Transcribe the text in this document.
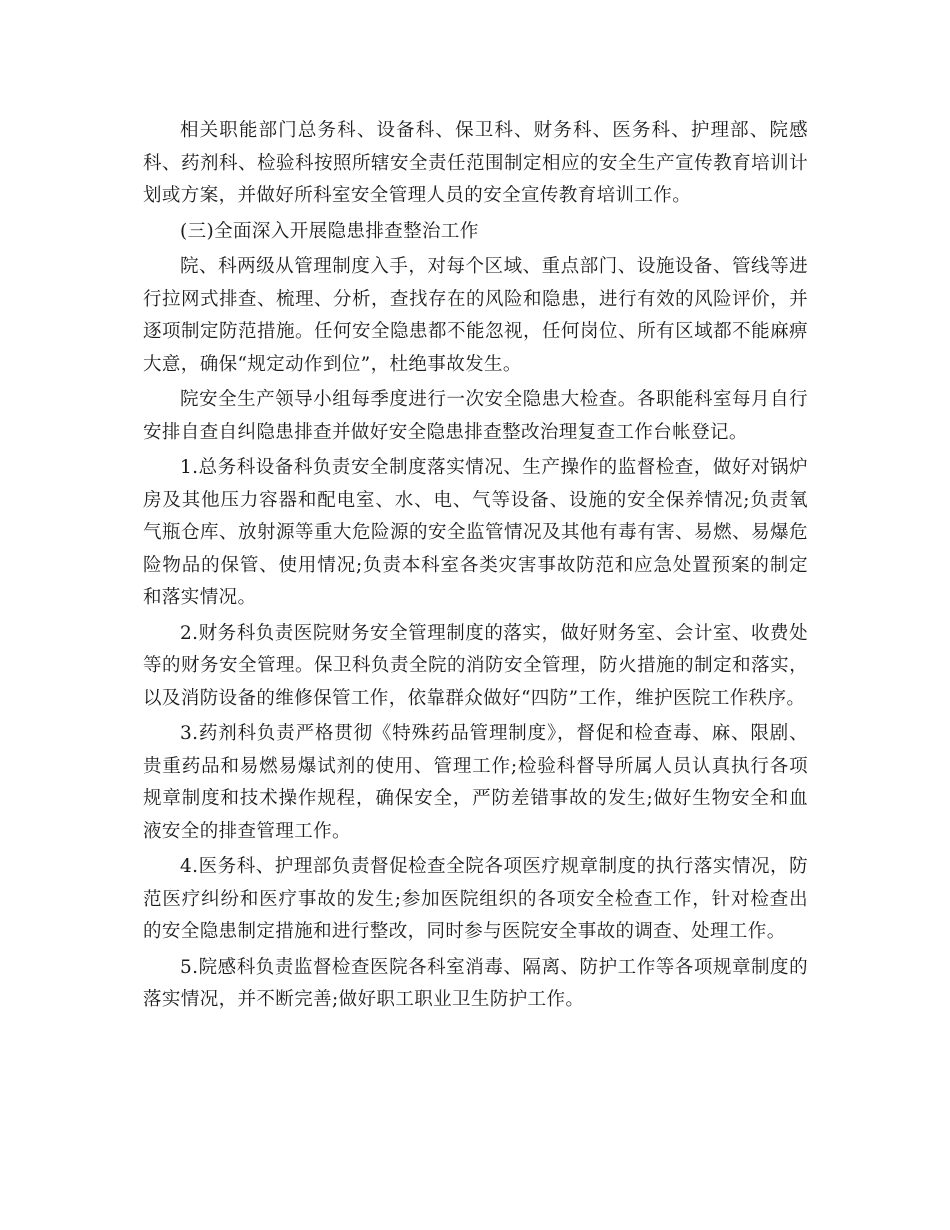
相关职能部门总务科、设备科、保卫科、财务科、医务科、护理部、院感科、药剂科、检验科按照所辖安全责任范围制定相应的安全生产宣传教育培训计划或方案，并做好所科室安全管理人员的安全宣传教育培训工作。

(三)全面深入开展隐患排查整治工作

院、科两级从管理制度入手，对每个区域、重点部门、设施设备、管线等进行拉网式排查、梳理、分析，查找存在的风险和隐患，进行有效的风险评价，并逐项制定防范措施。任何安全隐患都不能忽视，任何岗位、所有区域都不能麻痹大意，确保“规定动作到位”，杜绝事故发生。

院安全生产领导小组每季度进行一次安全隐患大检查。各职能科室每月自行安排自查自纠隐患排查并做好安全隐患排查整改治理复查工作台帐登记。

1.总务科设备科负责安全制度落实情况、生产操作的监督检查，做好对锅炉房及其他压力容器和配电室、水、电、气等设备、设施的安全保养情况;负责氧气瓶仓库、放射源等重大危险源的安全监管情况及其他有毒有害、易燃、易爆危险物品的保管、使用情况;负责本科室各类灾害事故防范和应急处置预案的制定和落实情况。

2.财务科负责医院财务安全管理制度的落实，做好财务室、会计室、收费处等的财务安全管理。保卫科负责全院的消防安全管理，防火措施的制定和落实，以及消防设备的维修保管工作，依靠群众做好“四防”工作，维护医院工作秩序。

3.药剂科负责严格贯彻《特殊药品管理制度》，督促和检查毒、麻、限剧、贵重药品和易燃易爆试剂的使用、管理工作;检验科督导所属人员认真执行各项规章制度和技术操作规程，确保安全，严防差错事故的发生;做好生物安全和血液安全的排查管理工作。

4.医务科、护理部负责督促检查全院各项医疗规章制度的执行落实情况，防范医疗纠纷和医疗事故的发生;参加医院组织的各项安全检查工作，针对检查出的安全隐患制定措施和进行整改，同时参与医院安全事故的调查、处理工作。

5.院感科负责监督检查医院各科室消毒、隔离、防护工作等各项规章制度的落实情况，并不断完善;做好职工职业卫生防护工作。
